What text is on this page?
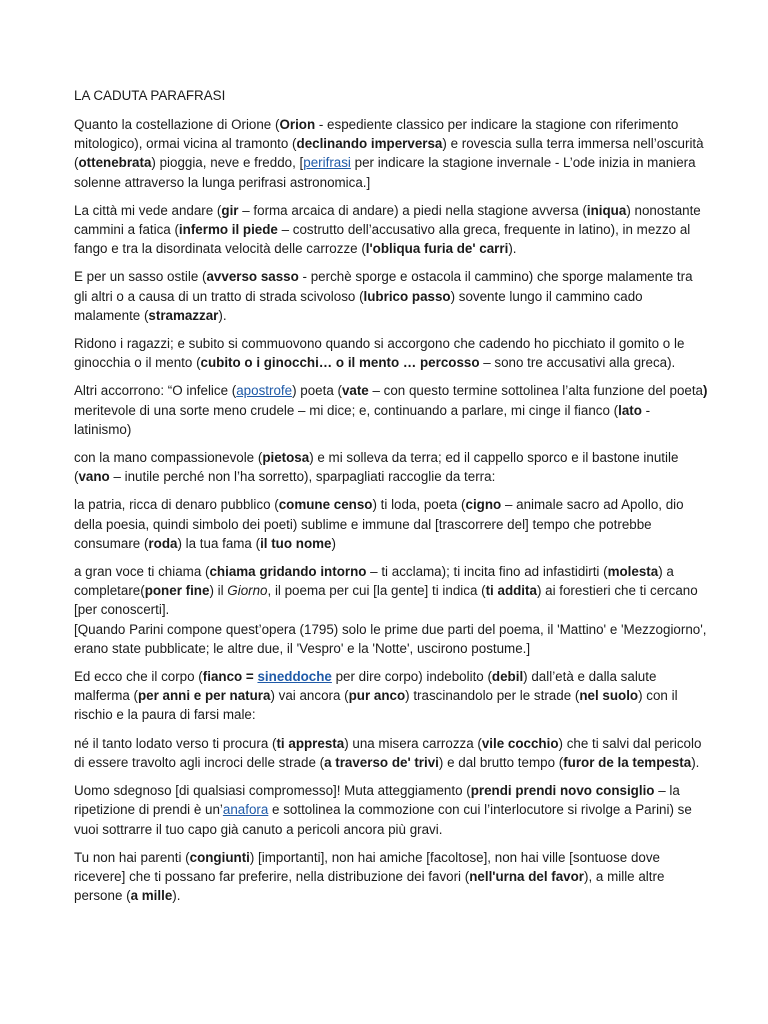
LA CADUTA PARAFRASI

Quanto la costellazione di Orione (Orion - espediente classico per indicare la stagione con riferimento mitologico), ormai vicina al tramonto (declinando imperversa) e rovescia sulla terra immersa nell’oscurità (ottenebrata) pioggia, neve e freddo, [perifrasi per indicare la stagione invernale - L’ode inizia in maniera solenne attraverso la lunga perifrasi astronomica.]

La città mi vede andare (gir – forma arcaica di andare) a piedi nella stagione avversa (iniqua) nonostante cammini a fatica (infermo il piede – costrutto dell’accusativo alla greca, frequente in latino), in mezzo al fango e tra la disordinata velocità delle carrozze (l'obliqua furia de' carri).

E per un sasso ostile (avverso sasso - perchè sporge e ostacola il cammino) che sporge malamente tra gli altri o a causa di un tratto di strada scivoloso (lubrico passo) sovente lungo il cammino cado malamente (stramazzar).

Ridono i ragazzi; e subito si commuovono quando si accorgono che cadendo ho picchiato il gomito o le ginocchia o il mento (cubito o i ginocchi… o il mento … percosso – sono tre accusativi alla greca).

Altri accorrono: “O infelice (apostrofe) poeta (vate – con questo termine sottolinea l’alta funzione del poeta) meritevole di una sorte meno crudele – mi dice; e, continuando a parlare, mi cinge il fianco (lato - latinismo)

con la mano compassionevole (pietosa) e mi solleva da terra; ed il cappello sporco e il bastone inutile (vano – inutile perché non l’ha sorretto), sparpagliati raccoglie da terra:

la patria, ricca di denaro pubblico (comune censo) ti loda, poeta (cigno – animale sacro ad Apollo, dio della poesia, quindi simbolo dei poeti) sublime e immune dal [trascorrere del] tempo che potrebbe consumare (roda) la tua fama (il tuo nome)

a gran voce ti chiama (chiama gridando intorno – ti acclama); ti incita fino ad infastidirti (molesta) a completare(poner fine) il Giorno, il poema per cui [la gente] ti indica (ti addita) ai forestieri che ti cercano [per conoscerti].
[Quando Parini compone quest’opera (1795) solo le prime due parti del poema, il 'Mattino' e 'Mezzogiorno', erano state pubblicate; le altre due, il 'Vespro' e la 'Notte', uscirono postume.]

Ed ecco che il corpo (fianco = sineddoche per dire corpo) indebolito (debil) dall’età e dalla salute malferma (per anni e per natura) vai ancora (pur anco) trascinandolo per le strade (nel suolo) con il rischio e la paura di farsi male:

né il tanto lodato verso ti procura (ti appresta) una misera carrozza (vile cocchio) che ti salvi dal pericolo di essere travolto agli incroci delle strade (a traverso de' trivi) e dal brutto tempo (furor de la tempesta).

Uomo sdegnoso [di qualsiasi compromesso]! Muta atteggiamento (prendi prendi novo consiglio – la ripetizione di prendi è un’anafora e sottolinea la commozione con cui l’interlocutore si rivolge a Parini) se vuoi sottrarre il tuo capo già canuto a pericoli ancora più gravi.

Tu non hai parenti (congiunti) [importanti], non hai amiche [facoltose], non hai ville [sontuose dove ricevere] che ti possano far preferire, nella distribuzione dei favori (nell'urna del favor), a mille altre persone (a mille).
